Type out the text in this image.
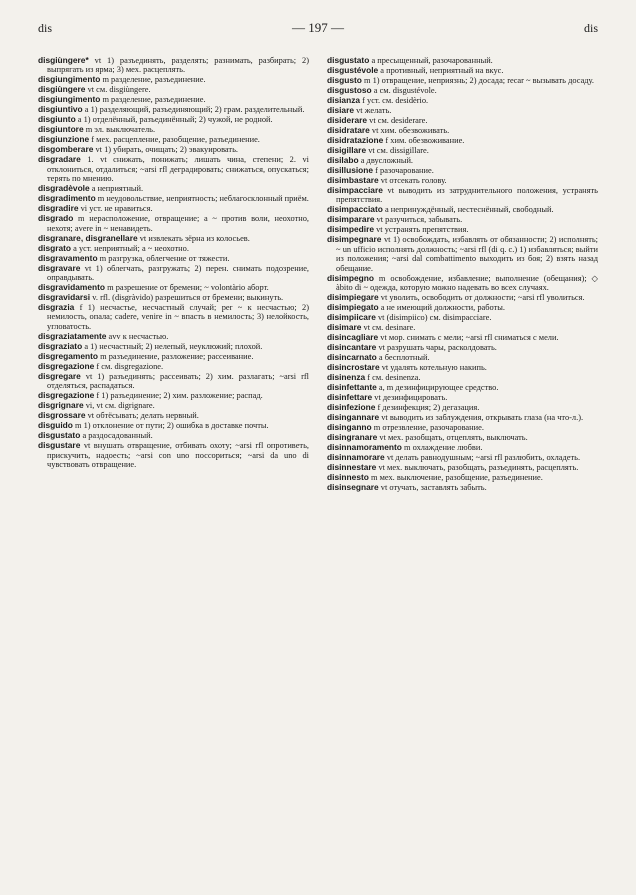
dis	— 197 —	dis

disgiùngere* vt 1) разъединять, разделять; разнимать, разбирать; 2) выпрягать из ярма; 3) мех. расцеплять.

disgiungimento m разделение, разъединение.

disgiùngere vt см. disgiùngere.

disgiungimento m разделение, разъединение.

disgiuntivo a 1) разделяющий, разъединяющий; 2) грам. разделительный.

disgiunto a 1) отделённый, разъединённый; 2) чужой, не родной.

disgiuntore m эл. выключатель.

disgiunzione f мех. расцепление, разобщение, разъединение.

disgomberare vt 1) убирать, очищать; 2) эвакуировать.

disgradare 1. vt снижать, понижать; лишать чина, степени; 2. vi отклониться, отдалиться; ~arsi rfl деградировать; снижаться, опускаться; терять по мнению.

disgradèvole a неприятный.

disgradimento m неудовольствие, неприятность; неблагосклонный приём.

disgradire vi уст. не нравиться.

disgrado m нерасположение, отвращение; a ~ против воли, неохотно, нехотя; avere in ~ ненавидеть.

disgranare, disgranellare vt извлекать зёрна из колосьев.

disgrato a уст. неприятный; a ~ неохотно.

disgravamento m разгрузка, облегчение от тяжести.

disgravare vt 1) облегчать, разгружать; 2) перен. снимать подозрение, оправдывать.

disgravidamento m разрешение от бремени; ~ volontàrio аборт.

disgravidarsi v. rfl. (disgràvido) разрешиться от бремени; выкинуть.

disgrazia f 1) несчастье, несчастный случай; per ~ к несчастью; 2) немилость, опала; cadere, venire in ~ впасть в немилость; 3) нелойкость, угловатость.

disgraziatamente avv к несчастью.

disgraziato a 1) несчастный; 2) нелепый, неуклюжий; плохой.

disgregamento m разъединение, разложение; рассеивание.

disgregazione f см. disgregazione.

disgregare vt 1) разъединять; рассеивать; 2) хим. разлагать; ~arsi rfl отделяться, распадаться.

disgregazione f 1) разъединение; 2) хим. разложение; распад.

disgrignare vi, vt см. digrignare.

disgrossare vt обтёсывать; делать нервный.

disguido m 1) отклонение от пути; 2) ошибка в доставке почты.

disgustato a раздосадованный.

disgustare vt внушать отвращение, отбивать охоту; ~arsi rfl опротиветь, прискучить, надоесть; ~arsi con uno поссориться; ~arsi da uno di чувствовать отвращение.

disgustato a пресыщенный, разочарованный.

disgustévole a противный, неприятный на вкус.

disgusto m 1) отвращение, неприязнь; 2) досада; recar ~ вызывать досаду.

disgustoso a см. disgustévole.

disianza f уст. см. desidèrio.

disiare vt желать.

disiderare vt см. desiderare.

disidratare vt хим. обезвоживать.

disidratazione f хим. обезвоживание.

disigillare vt см. dissigillare.

disilabo a двусложный.

disillusione f разочарование.

disimbastare vt отсекать голову.

disimpacciare vt выводить из затруднительного положения, устранять препятствия.

disimpacciato a непринуждённый, нестеснённый, свободный.

disimparare vt разучиться, забывать.

disimpedire vt устранять препятствия.

disimpegnare vt 1) освобождать, избавлять от обязанности; 2) исполнять; ~ un ufficio исполнять должность; ~arsi rfl (di q. c.) 1) избавляться; выйти из положения; ~arsi dal combattimento выходить из боя; 2) взять назад обещание.

disimpegno m освобождение, избавление; выполнение (обещания); ◇ àbito di ~ одежда, которую можно надевать во всех случаях.

disimpiegare vt уволить, освободить от должности; ~arsi rfl уволиться.

disimpiegato a не имеющий должности, работы.

disimpiicare vt (disimpiico) см. disimpacciare.

disimare vt см. desinare.

disincagliare vt мор. снимать с мели; ~arsi rfl сниматься с мели.

disincantare vt разрушать чары, расколдовать.

disincarnato a бесплотный.

disincrostare vt удалять котельную накипь.

disinenza f см. desinenza.

disinfettante a, m дезинфицирующее средство.

disinfettare vt дезинфицировать.

disinfezione f дезинфекция; 2) дегазация.

disingannare vt выводить из заблуждения, открывать глаза (на что-л.).

disinganno m отрезвление, разочарование.

disingranare vt мех. разобщать, отцеплять, выключать.

disinnamoramento m охлаждение любви.

disinnamorare vt делать равнодушным; ~arsi rfl разлюбить, охладеть.

disinnestare vt мех. выключать, разобщать, разъединять, расцеплять.

disinnesto m мех. выключение, разобщение, разъединение.

disinsegnare vt отучать, заставлять забыть.
